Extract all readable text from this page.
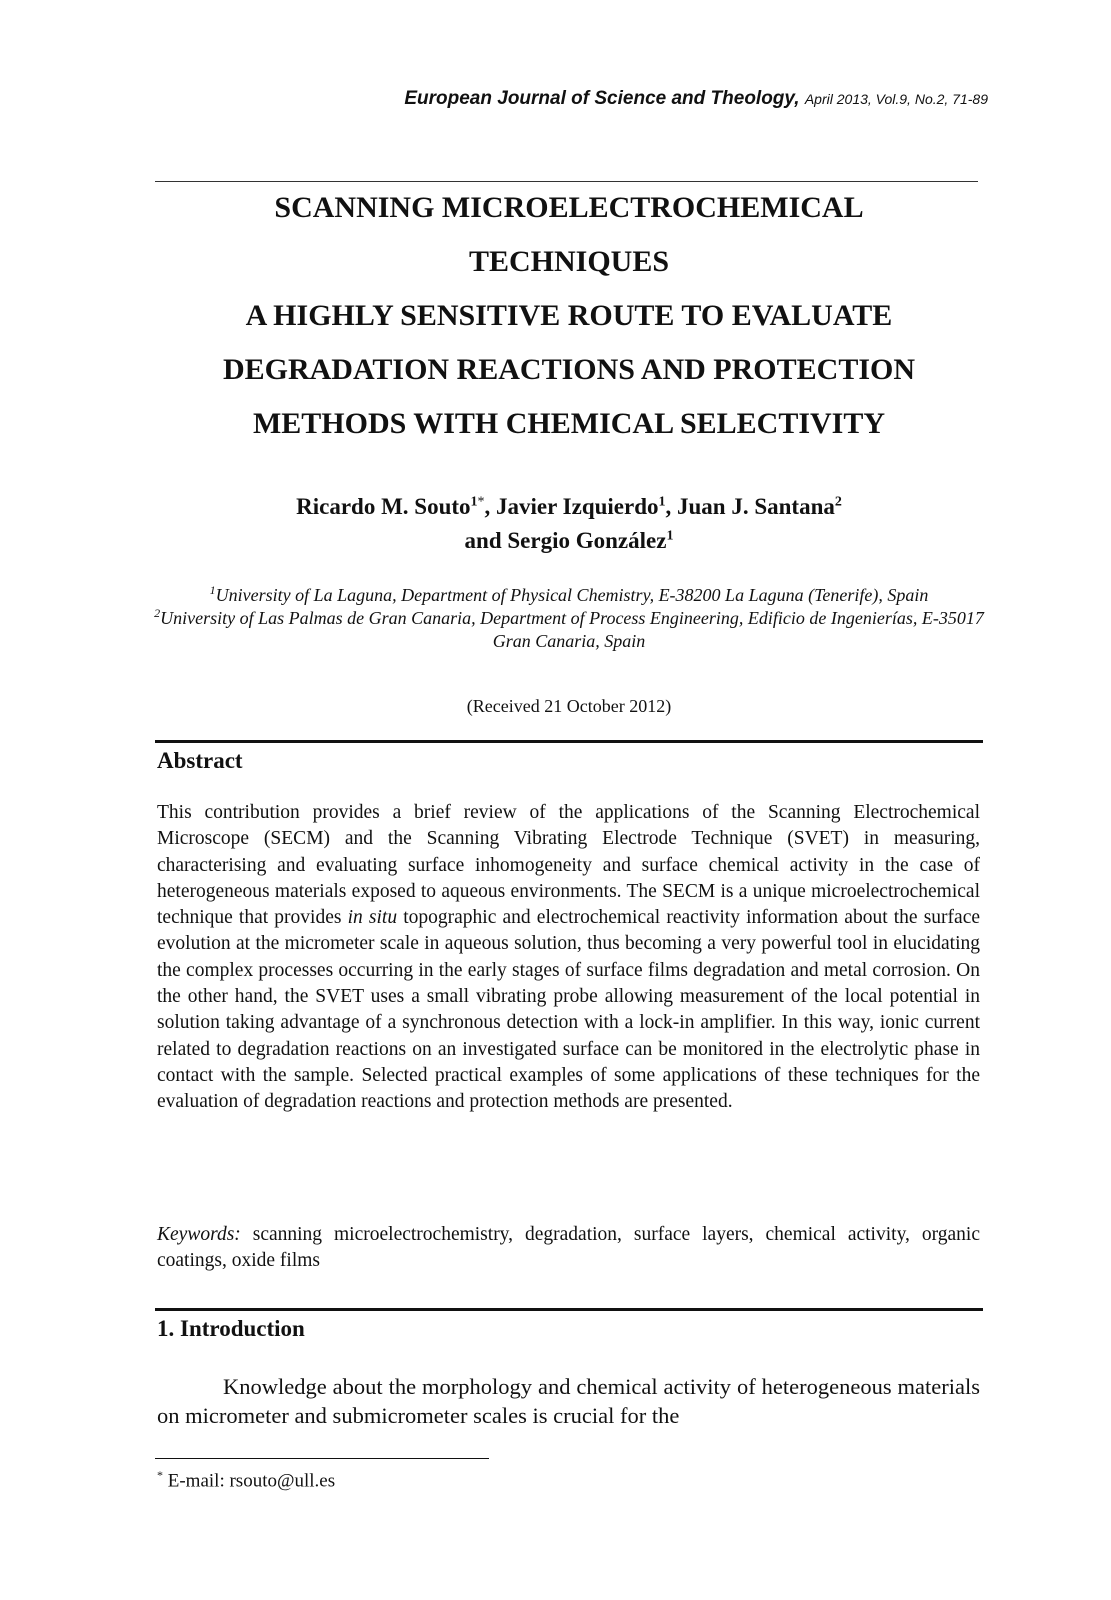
European Journal of Science and Theology, April 2013, Vol.9, No.2, 71-89
SCANNING MICROELECTROCHEMICAL
TECHNIQUES
A HIGHLY SENSITIVE ROUTE TO EVALUATE
DEGRADATION REACTIONS AND PROTECTION
METHODS WITH CHEMICAL SELECTIVITY
Ricardo M. Souto$^{1*}$, Javier Izquierdo$^1$, Juan J. Santana$^2$
and Sergio González$^1$
$^1$University of La Laguna, Department of Physical Chemistry, E-38200 La Laguna (Tenerife), Spain
$^2$University of Las Palmas de Gran Canaria, Department of Process Engineering, Edificio de Ingenierías, E-35017 Gran Canaria, Spain
(Received 21 October 2012)
Abstract

This contribution provides a brief review of the applications of the Scanning Electrochemical Microscope (SECM) and the Scanning Vibrating Electrode Technique (SVET) in measuring, characterising and evaluating surface inhomogeneity and surface chemical activity in the case of heterogeneous materials exposed to aqueous environments. The SECM is a unique microelectrochemical technique that provides in situ topographic and electrochemical reactivity information about the surface evolution at the micrometer scale in aqueous solution, thus becoming a very powerful tool in elucidating the complex processes occurring in the early stages of surface films degradation and metal corrosion. On the other hand, the SVET uses a small vibrating probe allowing measurement of the local potential in solution taking advantage of a synchronous detection with a lock-in amplifier. In this way, ionic current related to degradation reactions on an investigated surface can be monitored in the electrolytic phase in contact with the sample. Selected practical examples of some applications of these techniques for the evaluation of degradation reactions and protection methods are presented.

Keywords: scanning microelectrochemistry, degradation, surface layers, chemical activity, organic coatings, oxide films

1. Introduction

Knowledge about the morphology and chemical activity of heterogeneous materials on micrometer and submicrometer scales is crucial for the

* E-mail: rsouto@ull.es
